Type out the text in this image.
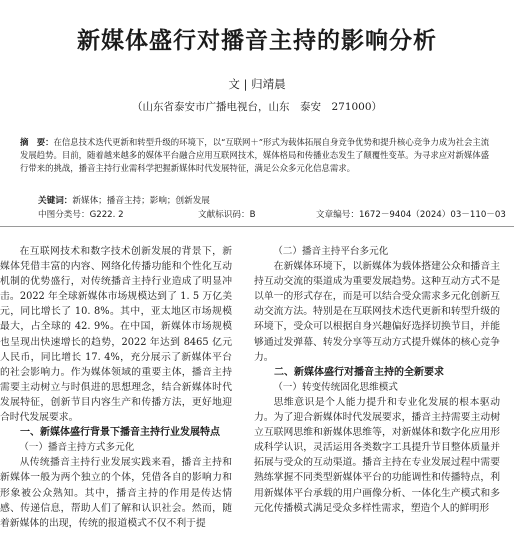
新媒体盛行对播音主持的影响分析
文 | 归靖晨
（山东省泰安市广播电视台，山东　泰安　271000）
摘　要：在信息技术迭代更新和转型升级的环境下，以“互联网＋”形式为载体拓展自身竞争优势和提升核心竞争力成为社会主流发展趋势。目前，随着越来越多的媒体平台融合应用互联网技术，媒体格局和传播业态发生了颠覆性变革。为寻求应对新媒体盛行带来的挑战，播音主持行业需科学把握新媒体时代发展特征，满足公众多元化信息需求。
关键词：新媒体；播音主持；影响；创新发展
中图分类号：G222. 2	文献标识码：B	文章编号：1672－9404（2024）03－110－03

在互联网技术和数字技术创新发展的背景下，新媒体凭借丰富的内容、网络化传播功能和个性化互动机制的优势盛行，对传统播音主持行业造成了明显冲击。2022 年全球新媒体市场规模达到了 1. 5 万亿美元，同比增长了 10. 8%。其中，亚太地区市场规模最大，占全球的 42. 9%。在中国，新媒体市场规模也呈现出快速增长的趋势，2022 年达到 8465 亿元人民币，同比增长 17. 4%，充分展示了新媒体平台的社会影响力。作为媒体领域的重要主体，播音主持需要主动树立与时俱进的思想理念，结合新媒体时代发展特征，创新节目内容生产和传播方法，更好地迎合时代发展要求。

一、新媒体盛行背景下播音主持行业发展特点

（一）播音主持方式多元化

从传统播音主持行业发展实践来看，播音主持和新媒体一般为两个独立的个体，凭借各自的影响力和形象被公众熟知。其中，播音主持的作用是传达情感、传递信息，帮助人们了解和认识社会。然而，随着新媒体的出现，传统的报道模式不仅不利于提

（二）播音主持平台多元化

在新媒体环境下，以新媒体为载体搭建公众和播音主持互动交流的渠道成为重要发展趋势。这种互动方式不是以单一的形式存在，而是可以结合受众需求多元化创新互动交流方法。特别是在互联网技术迭代更新和转型升级的环境下，受众可以根据自身兴趣偏好选择切换节目，并能够通过发弹幕、转发分享等互动方式提升媒体的核心竞争力。

二、新媒体盛行对播音主持的全新要求

（一）转变传统固化思维模式

思维意识是个人能力提升和专业化发展的根本驱动力。为了迎合新媒体时代发展要求，播音主持需要主动树立互联网思维和新媒体思维等，对新媒体和数字化应用形成科学认识，灵活运用各类数字工具提升节目整体质量并拓展与受众的互动渠道。播音主持在专业发展过程中需要熟练掌握不同类型新媒体平台的功能调性和传播特点，利用新媒体平台承载的用户画像分析、一体化生产模式和多元化传播模式满足受众多样性需求，塑造个人的鲜明形
